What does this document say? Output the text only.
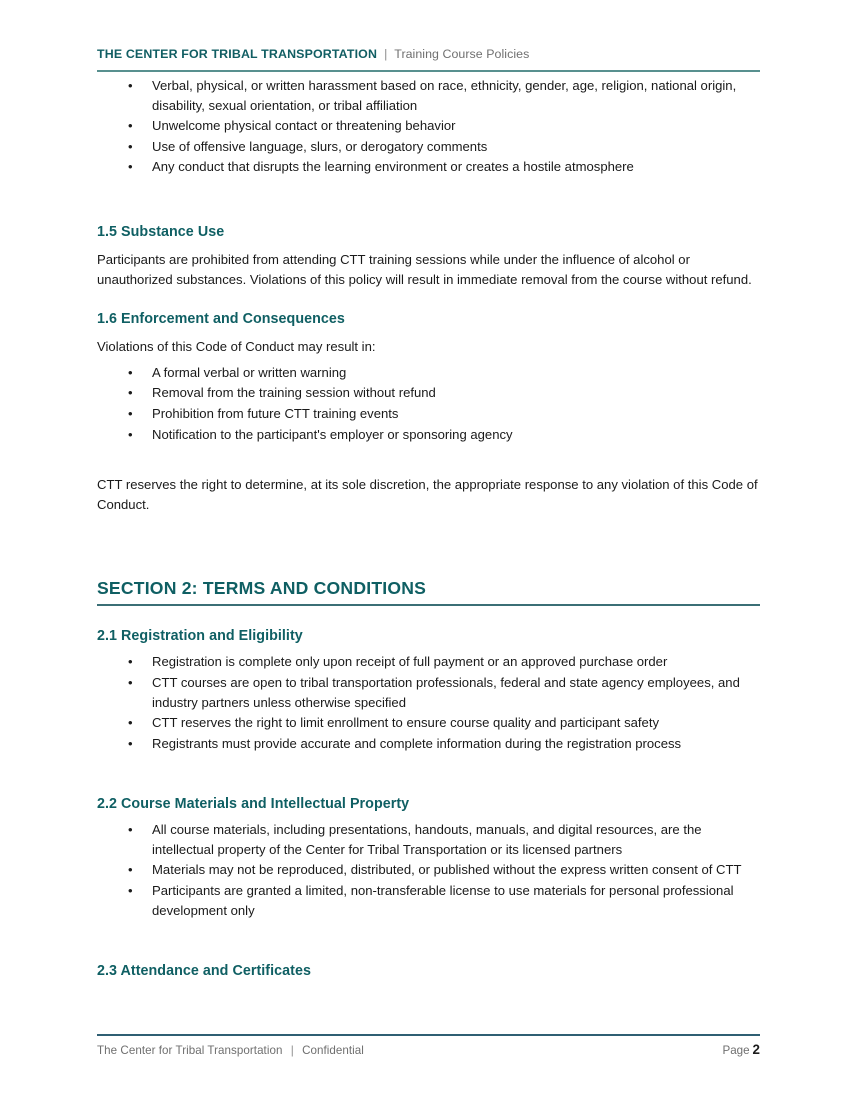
THE CENTER FOR TRIBAL TRANSPORTATION | Training Course Policies
• Verbal, physical, or written harassment based on race, ethnicity, gender, age, religion, national origin, disability, sexual orientation, or tribal affiliation
• Unwelcome physical contact or threatening behavior
• Use of offensive language, slurs, or derogatory comments
• Any conduct that disrupts the learning environment or creates a hostile atmosphere
1.5 Substance Use

Participants are prohibited from attending CTT training sessions while under the influence of alcohol or unauthorized substances. Violations of this policy will result in immediate removal from the course without refund.

1.6 Enforcement and Consequences

Violations of this Code of Conduct may result in:

• A formal verbal or written warning
• Removal from the training session without refund
• Prohibition from future CTT training events
• Notification to the participant's employer or sponsoring agency

CTT reserves the right to determine, at its sole discretion, the appropriate response to any violation of this Code of Conduct.

SECTION 2: TERMS AND CONDITIONS
2.1 Registration and Eligibility
• Registration is complete only upon receipt of full payment or an approved purchase order
• CTT courses are open to tribal transportation professionals, federal and state agency employees, and industry partners unless otherwise specified
• CTT reserves the right to limit enrollment to ensure course quality and participant safety
• Registrants must provide accurate and complete information during the registration process
2.2 Course Materials and Intellectual Property
• All course materials, including presentations, handouts, manuals, and digital resources, are the intellectual property of the Center for Tribal Transportation or its licensed partners
• Materials may not be reproduced, distributed, or published without the express written consent of CTT
• Participants are granted a limited, non-transferable license to use materials for personal professional development only
2.3 Attendance and Certificates
The Center for Tribal Transportation | Confidential	Page 2
